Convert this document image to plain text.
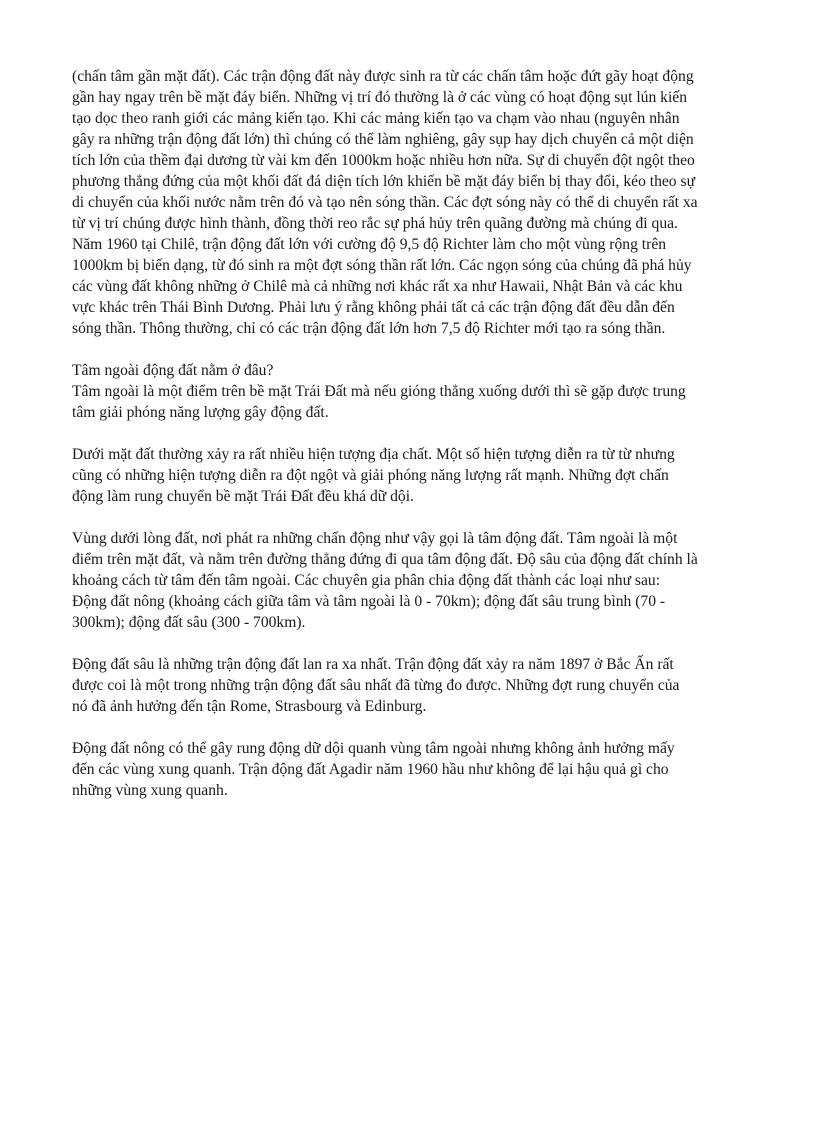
(chấn tâm gần mặt đất). Các trận động đất này được sinh ra từ các chấn tâm hoặc đứt gãy hoạt động
gần hay ngay trên bề mặt đáy biển. Những vị trí đó thường là ở các vùng có hoạt động sụt lún kiến
tạo dọc theo ranh giới các mảng kiến tạo. Khi các mảng kiến tạo va chạm vào nhau (nguyên nhân
gây ra những trận động đất lớn) thì chúng có thể làm nghiêng, gây sụp hay dịch chuyển cả một diện
tích lớn của thềm đại dương từ vài km đến 1000km hoặc nhiều hơn nữa. Sự di chuyển đột ngột theo
phương thẳng đứng của một khối đất đá diện tích lớn khiến bề mặt đáy biển bị thay đổi, kéo theo sự
di chuyển của khối nước nằm trên đó và tạo nên sóng thần. Các đợt sóng này có thể di chuyển rất xa
từ vị trí chúng được hình thành, đồng thời reo rắc sự phá hủy trên quãng đường mà chúng đi qua.
Năm 1960 tại Chilê, trận động đất lớn với cường độ 9,5 độ Richter làm cho một vùng rộng trên
1000km bị biến dạng, từ đó sinh ra một đợt sóng thần rất lớn. Các ngọn sóng của chúng đã phá hủy
các vùng đất không những ở Chilê mà cả những nơi khác rất xa như Hawaii, Nhật Bản và các khu
vực khác trên Thái Bình Dương. Phải lưu ý rằng không phải tất cả các trận động đất đều dẫn đến
sóng thần. Thông thường, chỉ có các trận động đất lớn hơn 7,5 độ Richter mới tạo ra sóng thần.
Tâm ngoài động đất nằm ở đâu?
Tâm ngoài là một điểm trên bề mặt Trái Đất mà nếu gióng thẳng xuống dưới thì sẽ gặp được trung
tâm giải phóng năng lượng gây động đất.
Dưới mặt đất thường xảy ra rất nhiều hiện tượng địa chất. Một số hiện tượng diễn ra từ từ nhưng
cũng có những hiện tượng diễn ra đột ngột và giải phóng năng lượng rất mạnh. Những đợt chấn
động làm rung chuyển bề mặt Trái Đất đều khá dữ dội.
Vùng dưới lòng đất, nơi phát ra những chấn động như vậy gọi là tâm động đất. Tâm ngoài là một
điểm trên mặt đất, và nằm trên đường thẳng đứng đi qua tâm động đất. Độ sâu của động đất chính là
khoảng cách từ tâm đến tâm ngoài. Các chuyên gia phân chia động đất thành các loại như sau:
Động đất nông (khoảng cách giữa tâm và tâm ngoài là 0 - 70km); động đất sâu trung bình (70 -
300km); động đất sâu (300 - 700km).
Động đất sâu là những trận động đất lan ra xa nhất. Trận động đất xảy ra năm 1897 ở Bắc Ấn rất
được coi là một trong những trận động đất sâu nhất đã từng đo được. Những đợt rung chuyển của
nó đã ảnh hưởng đến tận Rome, Strasbourg và Edinburg.
Động đất nông có thể gây rung động dữ dội quanh vùng tâm ngoài nhưng không ảnh hưởng mấy
đến các vùng xung quanh. Trận động đất Agadir năm 1960 hầu như không để lại hậu quả gì cho
những vùng xung quanh.
